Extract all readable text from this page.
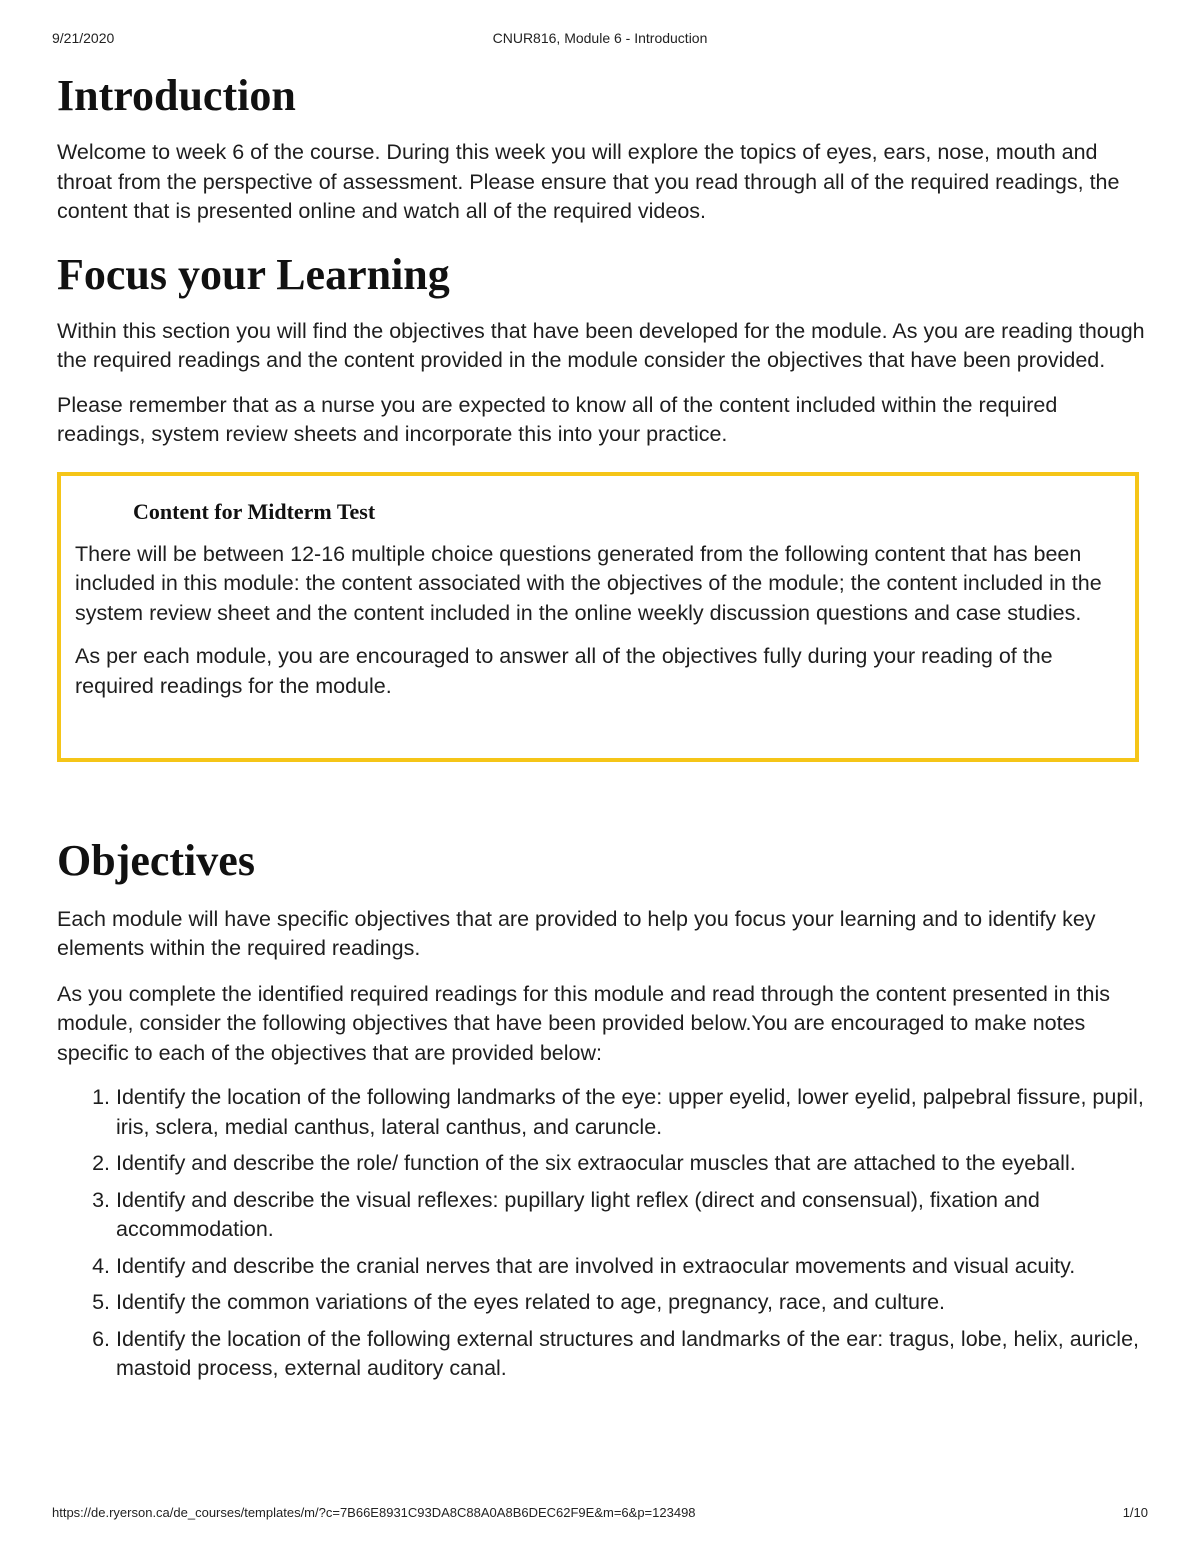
9/21/2020	CNUR816, Module 6 - Introduction
Introduction

Welcome to week 6 of the course. During this week you will explore the topics of eyes, ears, nose, mouth and throat from the perspective of assessment. Please ensure that you read through all of the required readings, the content that is presented online and watch all of the required videos.

Focus your Learning

Within this section you will find the objectives that have been developed for the module. As you are reading though the required readings and the content provided in the module consider the objectives that have been provided.

Please remember that as a nurse you are expected to know all of the content included within the required readings, system review sheets and incorporate this into your practice.

Content for Midterm Test

There will be between 12-16 multiple choice questions generated from the following content that has been included in this module: the content associated with the objectives of the module; the content included in the system review sheet and the content included in the online weekly discussion questions and case studies.

As per each module, you are encouraged to answer all of the objectives fully during your reading of the required readings for the module.

Objectives

Each module will have specific objectives that are provided to help you focus your learning and to identify key elements within the required readings.

As you complete the identified required readings for this module and read through the content presented in this module, consider the following objectives that have been provided below.You are encouraged to make notes specific to each of the objectives that are provided below:

1. Identify the location of the following landmarks of the eye: upper eyelid, lower eyelid, palpebral fissure, pupil, iris, sclera, medial canthus, lateral canthus, and caruncle.
2. Identify and describe the role/ function of the six extraocular muscles that are attached to the eyeball.
3. Identify and describe the visual reflexes: pupillary light reflex (direct and consensual), fixation and accommodation.
4. Identify and describe the cranial nerves that are involved in extraocular movements and visual acuity.
5. Identify the common variations of the eyes related to age, pregnancy, race, and culture.
6. Identify the location of the following external structures and landmarks of the ear: tragus, lobe, helix, auricle, mastoid process, external auditory canal.
https://de.ryerson.ca/de_courses/templates/m/?c=7B66E8931C93DA8C88A0A8B6DEC62F9E&m=6&p=123498	1/10
